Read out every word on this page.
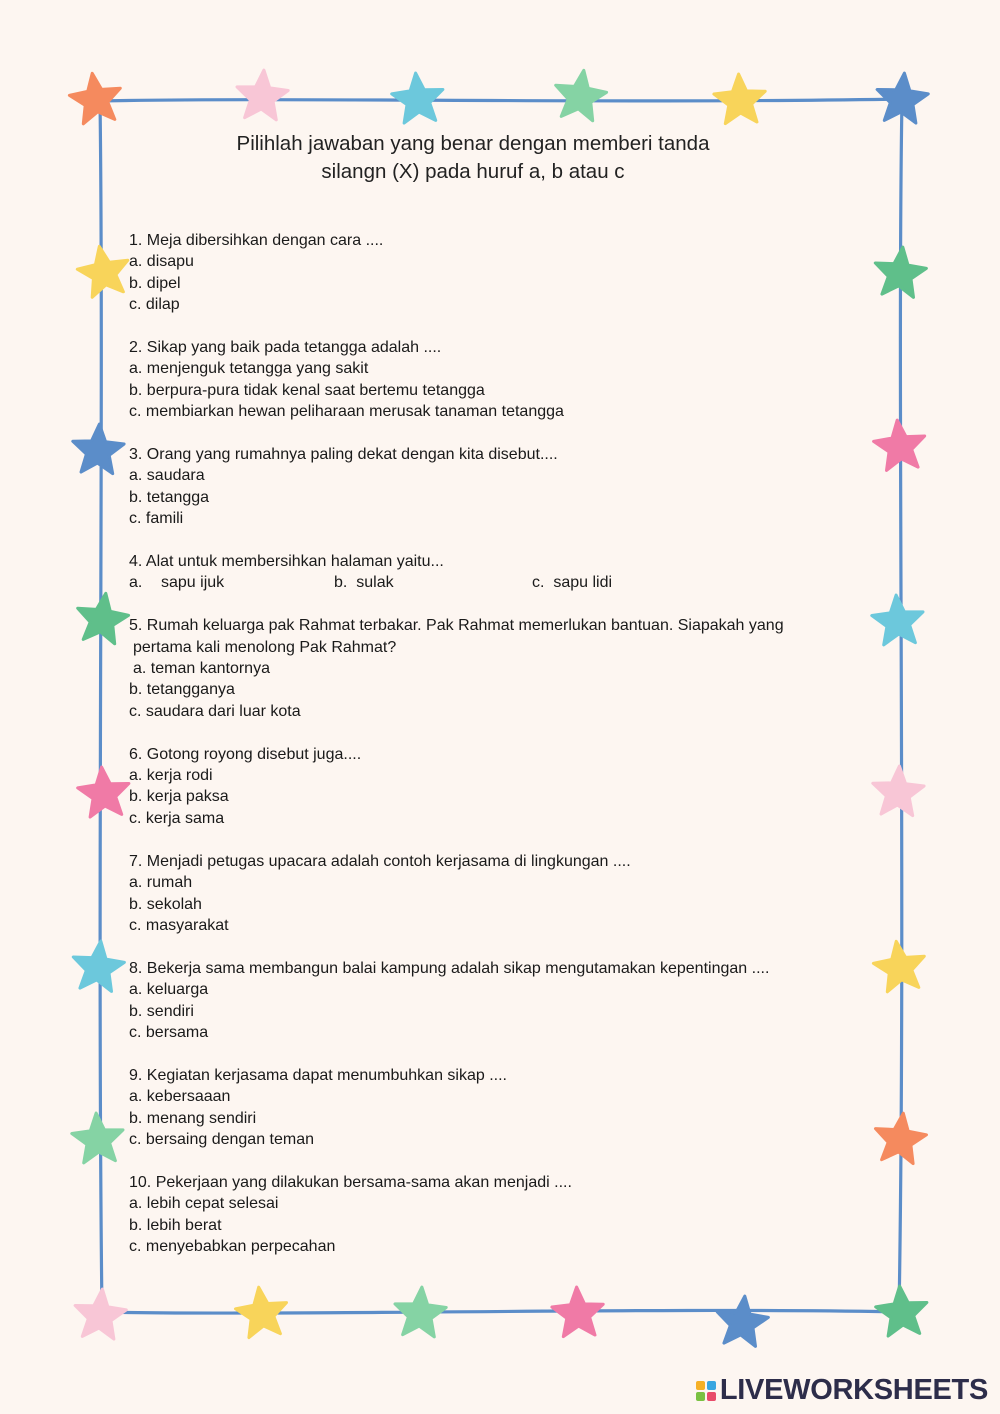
Pilihlah jawaban yang benar dengan memberi tanda
silangn (X) pada huruf a, b atau c
1. Meja dibersihkan dengan cara ....
a. disapu
b. dipel
c. dilap
2. Sikap yang baik pada tetangga adalah ....
a. menjenguk tetangga yang sakit
b. berpura-pura tidak kenal saat bertemu tetangga
c. membiarkan hewan peliharaan merusak tanaman tetangga
3. Orang yang rumahnya paling dekat dengan kita disebut....
a. saudara
b. tetangga
c. famili
4. Alat untuk membersihkan halaman yaitu...
a. sapu ijuk	b. sulak	c. sapu lidi
5. Rumah keluarga pak Rahmat terbakar. Pak Rahmat memerlukan bantuan. Siapakah yang
pertama kali menolong Pak Rahmat?
a. teman kantornya
b. tetangganya
c. saudara dari luar kota
6. Gotong royong disebut juga....
a. kerja rodi
b. kerja paksa
c. kerja sama
7. Menjadi petugas upacara adalah contoh kerjasama di lingkungan ....
a. rumah
b. sekolah
c. masyarakat
8. Bekerja sama membangun balai kampung adalah sikap mengutamakan kepentingan ....
a. keluarga
b. sendiri
c. bersama
9. Kegiatan kerjasama dapat menumbuhkan sikap ....
a. kebersaaan
b. menang sendiri
c. bersaing dengan teman
10. Pekerjaan yang dilakukan bersama-sama akan menjadi ....
a. lebih cepat selesai
b. lebih berat
c. menyebabkan perpecahan
LIVEWORKSHEETS
